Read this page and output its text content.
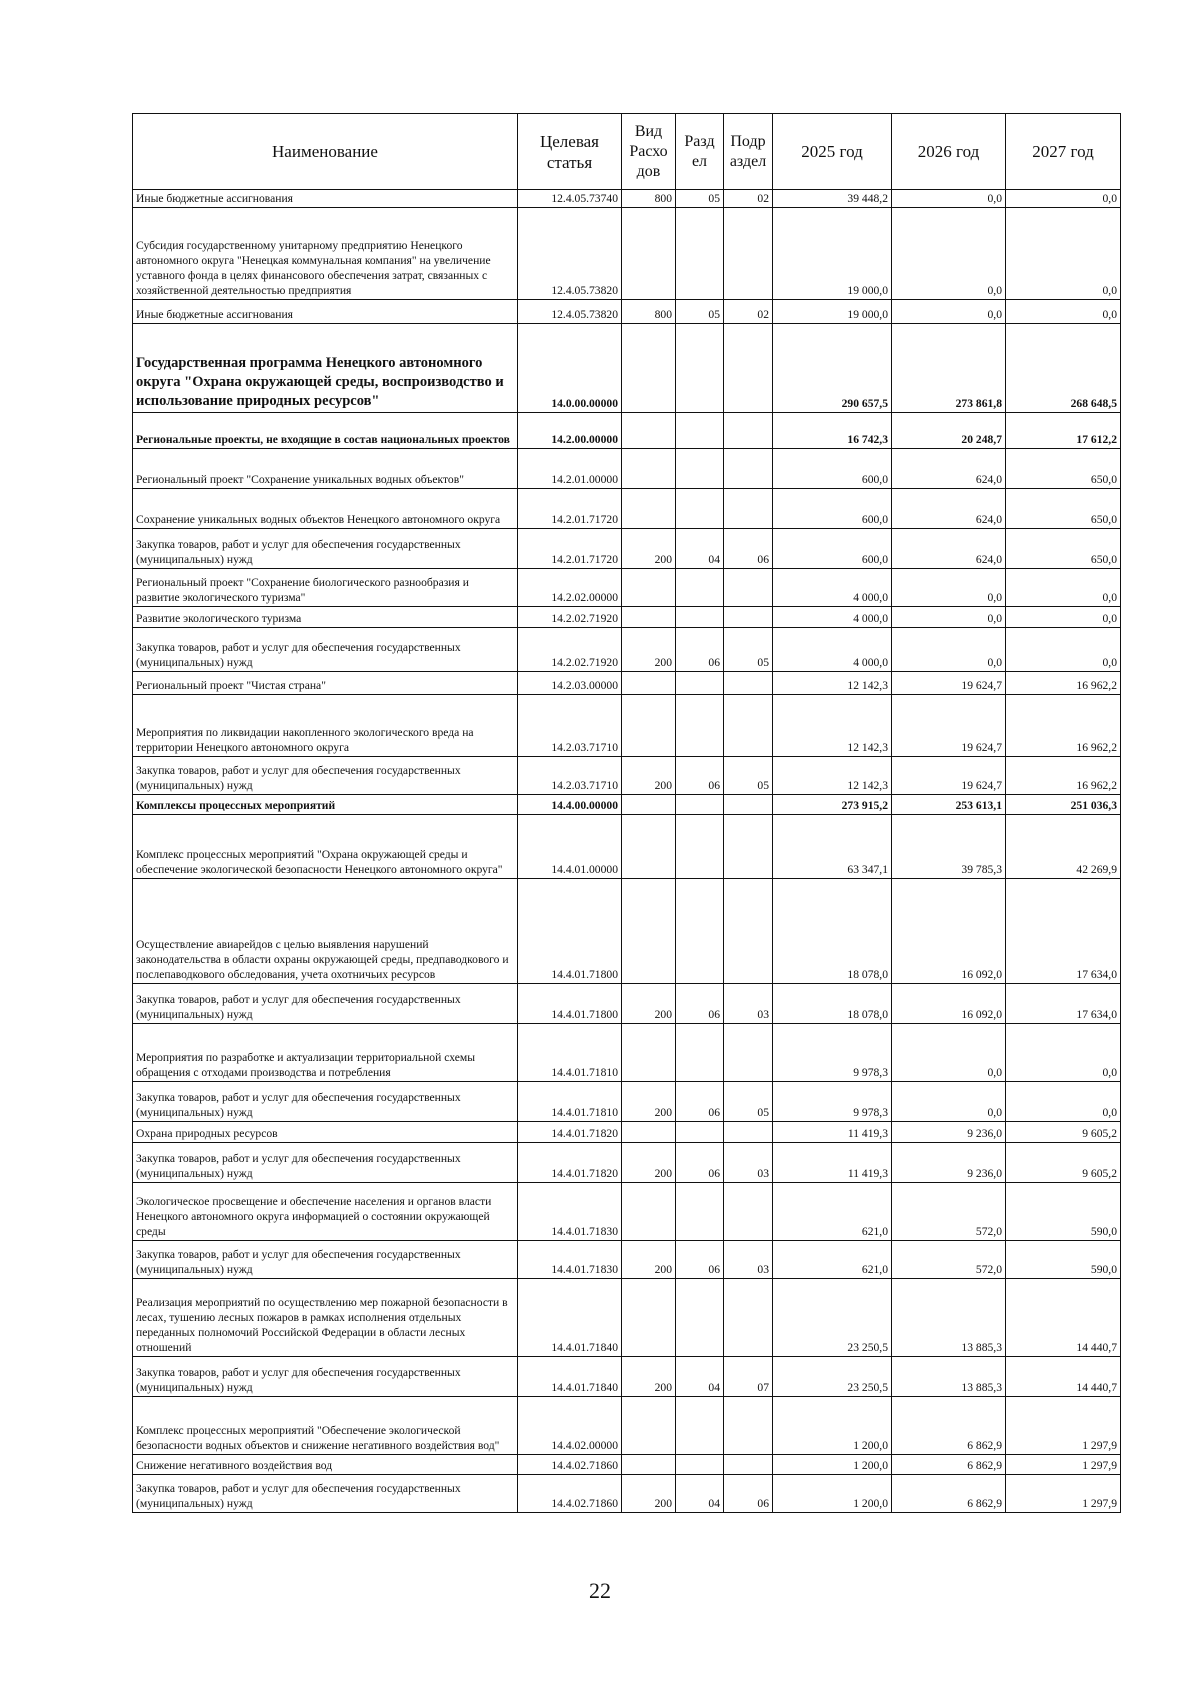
Наименование	Целевая статья	Вид Расхо дов	Разд ел	Подр аздел	2025 год	2026 год	2027 год
Иные бюджетные ассигнования	12.4.05.73740	800	05	02	39 448,2	0,0	0,0
Субсидия государственному унитарному предприятию Ненецкого автономного округа "Ненецкая коммунальная компания" на увеличение уставного фонда в целях финансового обеспечения затрат, связанных с хозяйственной деятельностью предприятия	12.4.05.73820				19 000,0	0,0	0,0
Иные бюджетные ассигнования	12.4.05.73820	800	05	02	19 000,0	0,0	0,0
Государственная программа Ненецкого автономного округа "Охрана окружающей среды, воспроизводство и использование природных ресурсов"	14.0.00.00000				290 657,5	273 861,8	268 648,5
Региональные проекты, не входящие в состав национальных проектов	14.2.00.00000				16 742,3	20 248,7	17 612,2
Региональный проект "Сохранение уникальных водных объектов"	14.2.01.00000				600,0	624,0	650,0
Сохранение уникальных водных объектов Ненецкого автономного округа	14.2.01.71720				600,0	624,0	650,0
Закупка товаров, работ и услуг для обеспечения государственных (муниципальных) нужд	14.2.01.71720	200	04	06	600,0	624,0	650,0
Региональный проект "Сохранение биологического разнообразия и развитие экологического туризма"	14.2.02.00000				4 000,0	0,0	0,0
Развитие экологического туризма	14.2.02.71920				4 000,0	0,0	0,0
Закупка товаров, работ и услуг для обеспечения государственных (муниципальных) нужд	14.2.02.71920	200	06	05	4 000,0	0,0	0,0
Региональный проект "Чистая страна"	14.2.03.00000				12 142,3	19 624,7	16 962,2
Мероприятия по ликвидации накопленного экологического вреда на территории Ненецкого автономного округа	14.2.03.71710				12 142,3	19 624,7	16 962,2
Закупка товаров, работ и услуг для обеспечения государственных (муниципальных) нужд	14.2.03.71710	200	06	05	12 142,3	19 624,7	16 962,2
Комплексы процессных мероприятий	14.4.00.00000				273 915,2	253 613,1	251 036,3
Комплекс процессных мероприятий "Охрана окружающей среды и обеспечение экологической безопасности Ненецкого автономного округа"	14.4.01.00000				63 347,1	39 785,3	42 269,9
Осуществление авиарейдов с целью выявления нарушений законодательства в области охраны окружающей среды, предпаводкового и послепаводкового обследования, учета охотничьих ресурсов	14.4.01.71800				18 078,0	16 092,0	17 634,0
Закупка товаров, работ и услуг для обеспечения государственных (муниципальных) нужд	14.4.01.71800	200	06	03	18 078,0	16 092,0	17 634,0
Мероприятия по разработке и актуализации территориальной схемы обращения с отходами производства и потребления	14.4.01.71810				9 978,3	0,0	0,0
Закупка товаров, работ и услуг для обеспечения государственных (муниципальных) нужд	14.4.01.71810	200	06	05	9 978,3	0,0	0,0
Охрана природных ресурсов	14.4.01.71820				11 419,3	9 236,0	9 605,2
Закупка товаров, работ и услуг для обеспечения государственных (муниципальных) нужд	14.4.01.71820	200	06	03	11 419,3	9 236,0	9 605,2
Экологическое просвещение и обеспечение населения и органов власти Ненецкого автономного округа информацией о состоянии окружающей среды	14.4.01.71830				621,0	572,0	590,0
Закупка товаров, работ и услуг для обеспечения государственных (муниципальных) нужд	14.4.01.71830	200	06	03	621,0	572,0	590,0
Реализация мероприятий по осуществлению мер пожарной безопасности в лесах, тушению лесных пожаров в рамках исполнения отдельных переданных полномочий Российской Федерации в области лесных отношений	14.4.01.71840				23 250,5	13 885,3	14 440,7
Закупка товаров, работ и услуг для обеспечения государственных (муниципальных) нужд	14.4.01.71840	200	04	07	23 250,5	13 885,3	14 440,7
Комплекс процессных мероприятий "Обеспечение экологической безопасности водных объектов и снижение негативного воздействия вод"	14.4.02.00000				1 200,0	6 862,9	1 297,9
Снижение негативного воздействия вод	14.4.02.71860				1 200,0	6 862,9	1 297,9
Закупка товаров, работ и услуг для обеспечения государственных (муниципальных) нужд	14.4.02.71860	200	04	06	1 200,0	6 862,9	1 297,9
22
